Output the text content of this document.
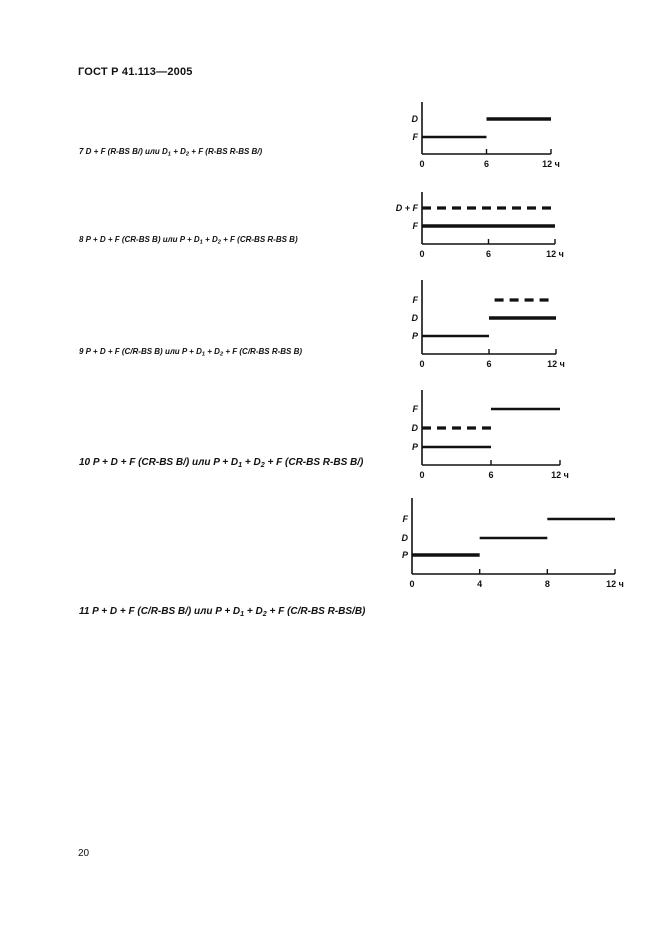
ГОСТ Р 41.113—2005
7 D + F (R-BS B/) или $D_1 + D_2 + F$ (R-BS R-BS B/)
8 P + D + F (CR-BS B) или $P + D_1 + D_2 + F$ (CR-BS R-BS B)
9 P + D + F (C/R-BS B) или $P + D_1 + D_2 + F$ (C/R-BS R-BS B)
10 P + D + F (CR-BS B/) или $P + D_1 + D_2 + F$ (CR-BS R-BS B/)
11 P + D + F (C/R-BS B/) или $P + D_1 + D_2 + F$ (C/R-BS R-BS/B)
0	6	12 ч
F
D
0	6	12 ч
F
D + F
0	6	12 ч
P
D
F
0	6	12 ч
P
D
F
0	4	8	12 ч
P
D
F
20
